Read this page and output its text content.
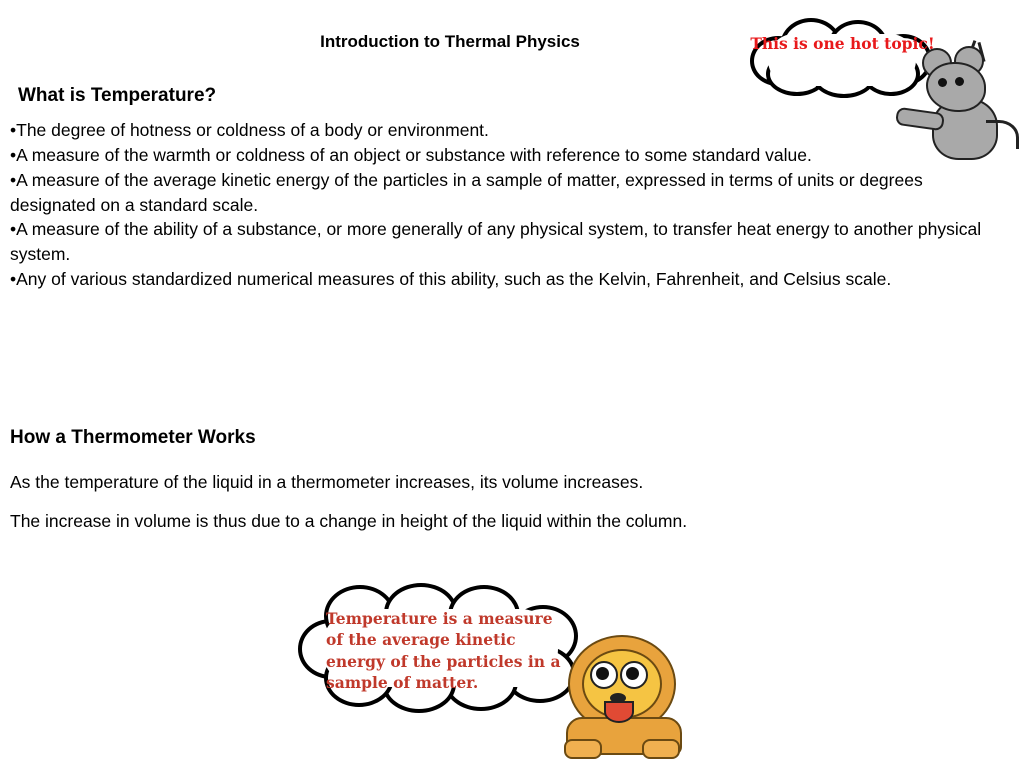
Introduction to Thermal Physics
What is Temperature?

•The degree of hotness or coldness of a body or environment.

•A measure of the warmth or coldness of an object or substance with reference to some standard value.

•A measure of the average kinetic energy of the particles in a sample of matter, expressed in terms of units or degrees designated on a standard scale.

•A measure of the ability of a substance, or more generally of any physical system, to transfer heat energy to another physical system.

•Any of various standardized numerical measures of this ability, such as the Kelvin, Fahrenheit, and Celsius scale.

How a Thermometer Works
As the temperature of the liquid in a thermometer increases, its volume increases.
The increase in volume is thus due to a change in height of the liquid within the column.
This is one hot topic!
Temperature is a measure of the average kinetic energy of the particles in a sample of matter.
